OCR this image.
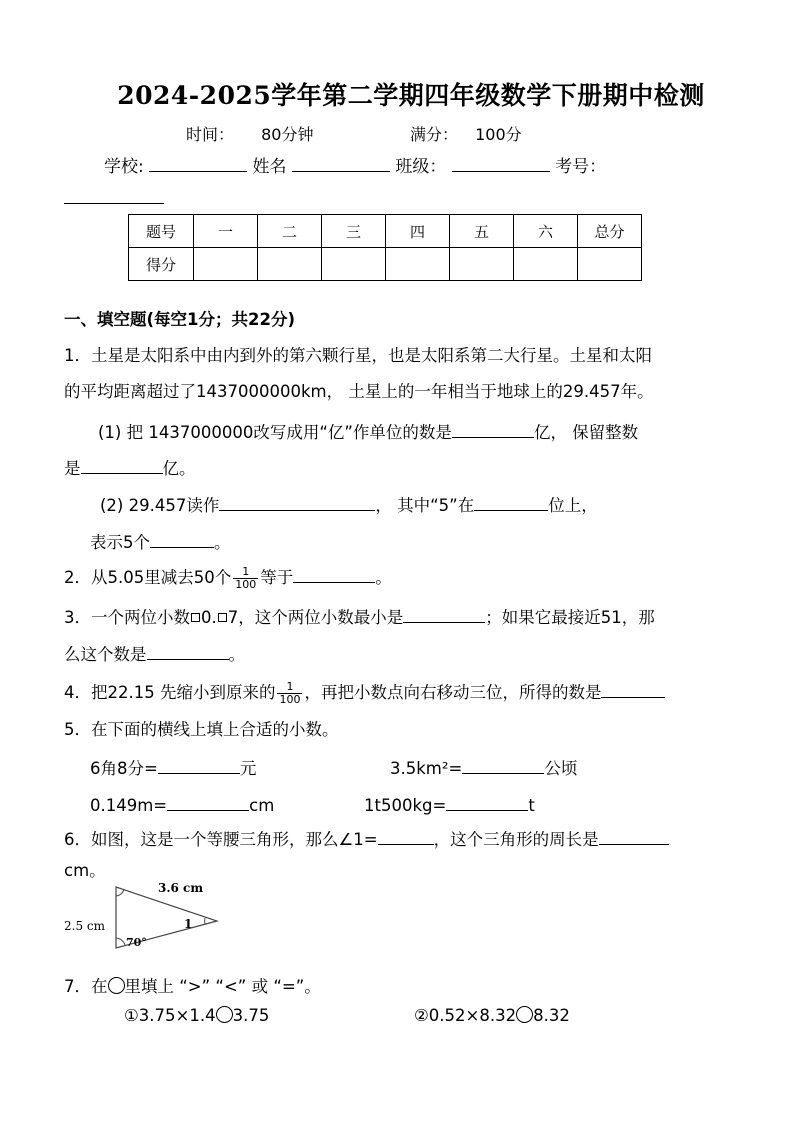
2024-2025学年第二学期四年级数学下册期中检测
时间： 80分钟	满分： 100分
学校:	姓名	班级：	考号：
题号	一	二	三	四	五	六	总分
得分							
一、填空题(每空1分；共22分)
1．土星是太阳系中由内到外的第六颗行星，也是太阳系第二大行星。土星和太阳
的平均距离超过了1437000000km， 土星上的一年相当于地球上的29.457年。
(1) 把 1437000000改写成用“亿”作单位的数是	亿， 保留整数
是	亿。
(2) 29.457读作	， 其中“5”在	位上，
表示5个	。
2．从5.05里减去50个 $\frac{1}{100}$ 等于	。
3．一个两位小数 0. 7，这个两位小数最小是	；如果它最接近51，那
么这个数是	。
4．把22.15 先缩小到原来的 $\frac{1}{100}$ ，再把小数点向右移动三位，所得的数是
5．在下面的横线上填上合适的小数。
6角8分=	元	3.5km²=	公顷
0.149m=	cm	1t500kg=	t
6．如图，这是一个等腰三角形，那么∠1=	，这个三角形的周长是
cm。
3.6 cm
2.5 cm
70°
1
7．在 里填上 “>” “<” 或 “=”。
①3.75×1.4 3.75	②0.52×8.32 8.32
